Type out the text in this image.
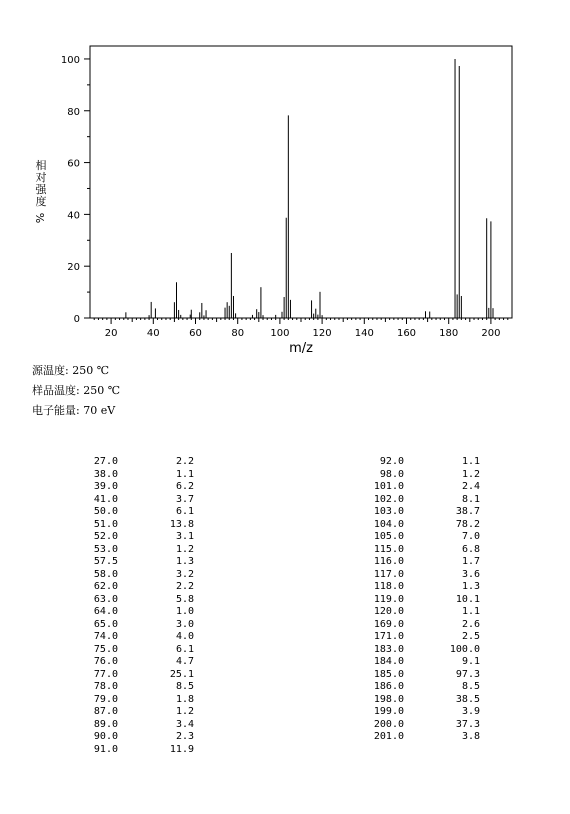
0
20
40
60
80
100
20	40	60	80	100 120 140 160 180 200
m/z
相
对
强
度
%
源温度: 250 ℃
样品温度: 250 ℃
电子能量: 70 eV
27.0	2.2
38.0	1.1
39.0	6.2
41.0	3.7
50.0	6.1
51.0	13.8
52.0	3.1
53.0	1.2
57.5	1.3
58.0	3.2
62.0	2.2
63.0	5.8
64.0	1.0
65.0	3.0
74.0	4.0
75.0	6.1
76.0	4.7
77.0	25.1
78.0	8.5
79.0	1.8
87.0	1.2
89.0	3.4
90.0	2.3
91.0	11.9
92.0	1.1
98.0	1.2
101.0	2.4
102.0	8.1
103.0	38.7
104.0	78.2
105.0	7.0
115.0	6.8
116.0	1.7
117.0	3.6
118.0	1.3
119.0	10.1
120.0	1.1
169.0	2.6
171.0	2.5
183.0	100.0
184.0	9.1
185.0	97.3
186.0	8.5
198.0	38.5
199.0	3.9
200.0	37.3
201.0	3.8
